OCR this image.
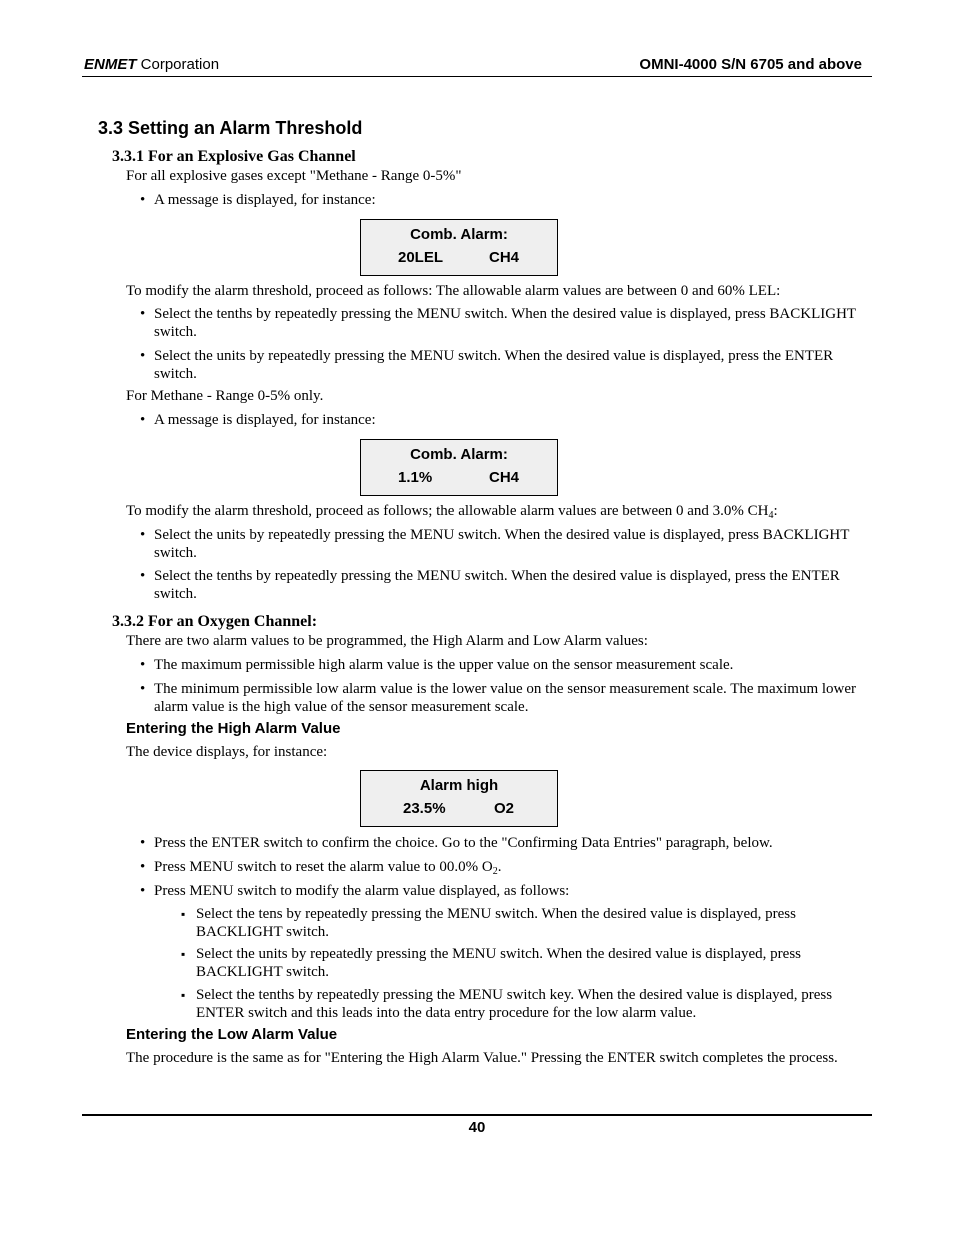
ENMET Corporation	OMNI-4000 S/N 6705 and above
3.3 Setting an Alarm Threshold
3.3.1 For an Explosive Gas Channel
For all explosive gases except "Methane - Range 0-5%"
• A message is displayed, for instance:
Comb. Alarm:
20LEL	CH4
To modify the alarm threshold, proceed as follows: The allowable alarm values are between 0 and 60% LEL:
• Select the tenths by repeatedly pressing the MENU switch. When the desired value is displayed, press BACKLIGHT switch.
• Select the units by repeatedly pressing the MENU switch. When the desired value is displayed, press the ENTER switch.
For Methane - Range 0-5% only.
• A message is displayed, for instance:
Comb. Alarm:
1.1%	CH4
To modify the alarm threshold, proceed as follows; the allowable alarm values are between 0 and 3.0% $CH_4$:
• Select the units by repeatedly pressing the MENU switch. When the desired value is displayed, press BACKLIGHT switch.
• Select the tenths by repeatedly pressing the MENU switch. When the desired value is displayed, press the ENTER switch.
3.3.2 For an Oxygen Channel:
There are two alarm values to be programmed, the High Alarm and Low Alarm values:
• The maximum permissible high alarm value is the upper value on the sensor measurement scale.
• The minimum permissible low alarm value is the lower value on the sensor measurement scale. The maximum lower alarm value is the high value of the sensor measurement scale.
Entering the High Alarm Value
The device displays, for instance:
Alarm high
23.5%	O2
• Press the ENTER switch to confirm the choice. Go to the "Confirming Data Entries" paragraph, below.
• Press MENU switch to reset the alarm value to 00.0% $O_2$.
• Press MENU switch to modify the alarm value displayed, as follows:
▪ Select the tens by repeatedly pressing the MENU switch. When the desired value is displayed, press BACKLIGHT switch.
▪ Select the units by repeatedly pressing the MENU switch. When the desired value is displayed, press BACKLIGHT switch.
▪ Select the tenths by repeatedly pressing the MENU switch key. When the desired value is displayed, press ENTER switch and this leads into the data entry procedure for the low alarm value.
Entering the Low Alarm Value
The procedure is the same as for "Entering the High Alarm Value." Pressing the ENTER switch completes the process.
40
